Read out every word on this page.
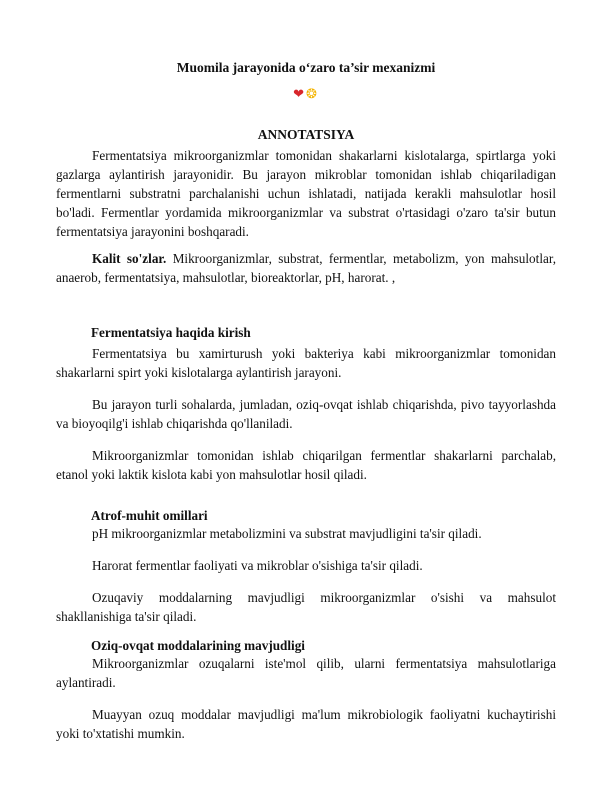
Muomila jarayonida o‘zaro ta’sir mexanizmi
❤❂
ANNOTATSIYA

Fermentatsiya mikroorganizmlar tomonidan shakarlarni kislotalarga, spirtlarga yoki gazlarga aylantirish jarayonidir. Bu jarayon mikroblar tomonidan ishlab chiqariladigan fermentlarni substratni parchalanishi uchun ishlatadi, natijada kerakli mahsulotlar hosil bo'ladi. Fermentlar yordamida mikroorganizmlar va substrat o'rtasidagi o'zaro ta'sir butun fermentatsiya jarayonini boshqaradi.

Kalit so'zlar. Mikroorganizmlar, substrat, fermentlar, metabolizm, yon mahsulotlar, anaerob, fermentatsiya, mahsulotlar, bioreaktorlar, pH, harorat. ,

Fermentatsiya haqida kirish

Fermentatsiya bu xamirturush yoki bakteriya kabi mikroorganizmlar tomonidan shakarlarni spirt yoki kislotalarga aylantirish jarayoni.

Bu jarayon turli sohalarda, jumladan, oziq-ovqat ishlab chiqarishda, pivo tayyorlashda va bioyoqilg'i ishlab chiqarishda qo'llaniladi.

Mikroorganizmlar tomonidan ishlab chiqarilgan fermentlar shakarlarni parchalab, etanol yoki laktik kislota kabi yon mahsulotlar hosil qiladi.

Atrof-muhit omillari

pH mikroorganizmlar metabolizmini va substrat mavjudligini ta'sir qiladi.

Harorat fermentlar faoliyati va mikroblar o'sishiga ta'sir qiladi.

Ozuqaviy moddalarning mavjudligi mikroorganizmlar o'sishi va mahsulot shakllanishiga ta'sir qiladi.

Oziq-ovqat moddalarining mavjudligi

Mikroorganizmlar ozuqalarni iste'mol qilib, ularni fermentatsiya mahsulotlariga aylantiradi.

Muayyan ozuq moddalar mavjudligi ma'lum mikrobiologik faoliyatni kuchaytirishi yoki to'xtatishi mumkin.
